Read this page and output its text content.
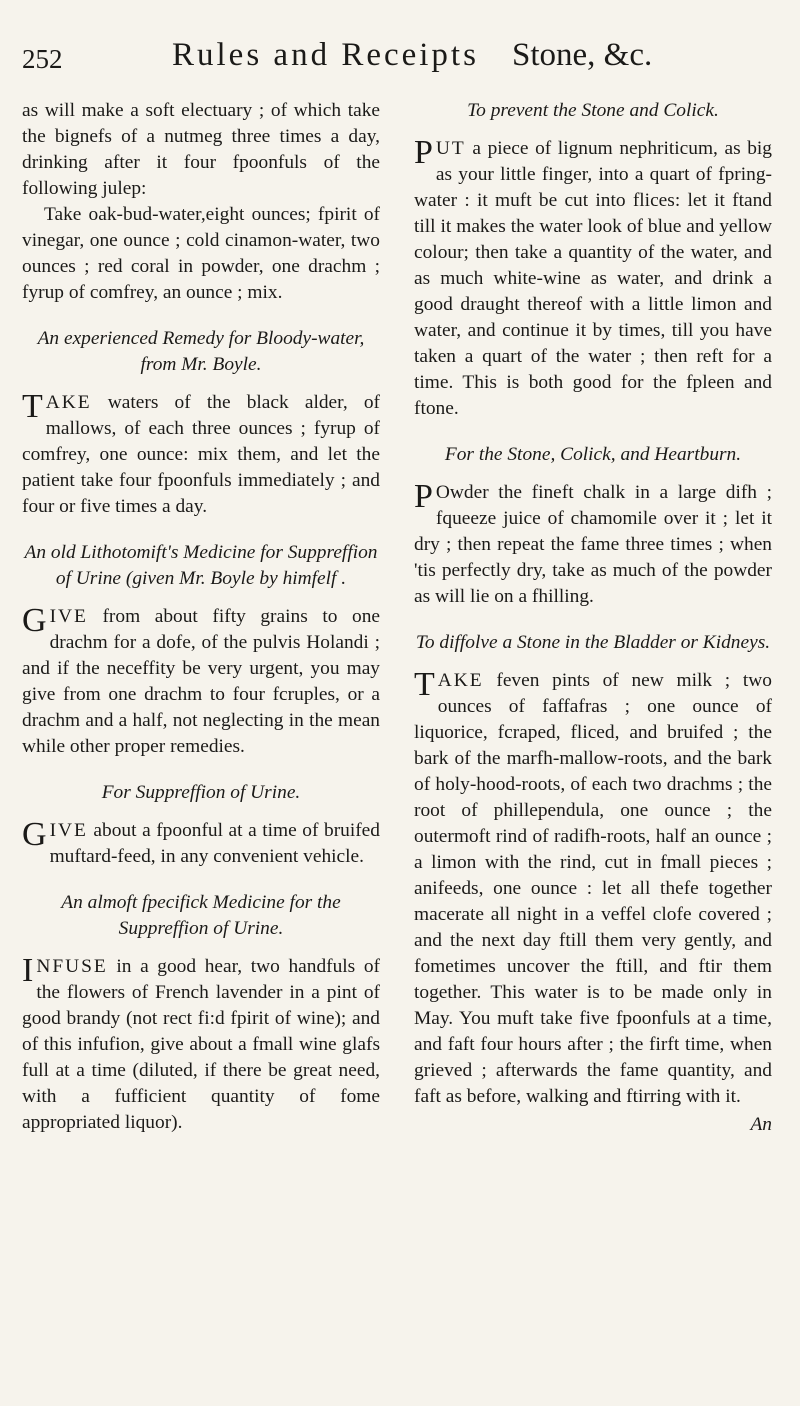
252	Rules and Receipts Stone, &c.

as will make a soft electuary ; of which take the bignefs of a nutmeg three times a day, drinking after it four fpoonfuls of the following julep:

Take oak-bud-water,eight ounces; fpirit of vinegar, one ounce ; cold cinamon-water, two ounces ; red coral in powder, one drachm ; fyrup of comfrey, an ounce ; mix.

An experienced Remedy for Bloody-water, from Mr. Boyle.

TAKE waters of the black alder, of mallows, of each three ounces ; fyrup of comfrey, one ounce: mix them, and let the patient take four fpoonfuls immediately ; and four or five times a day.

An old Lithotomift's Medicine for Suppreffion of Urine (given Mr. Boyle by himfelf .

GIVE from about fifty grains to one drachm for a dofe, of the pulvis Holandi ; and if the neceffity be very urgent, you may give from one drachm to four fcruples, or a drachm and a half, not neglecting in the mean while other proper remedies.

For Suppreffion of Urine.

GIVE about a fpoonful at a time of bruifed muftard-feed, in any convenient vehicle.

An almoft fpecifick Medicine for the Suppreffion of Urine.

INFUSE in a good hear, two handfuls of the flowers of French lavender in a pint of good brandy (not rect fi:d fpirit of wine); and of this infufion, give about a fmall wine glafs full at a time (diluted, if there be great need, with a fufficient quantity of fome appropriated liquor).

To prevent the Stone and Colick.

PUT a piece of lignum nephriticum, as big as your little finger, into a quart of fpring-water : it muft be cut into flices: let it ftand till it makes the water look of blue and yellow colour; then take a quantity of the water, and as much white-wine as water, and drink a good draught thereof with a little limon and water, and continue it by times, till you have taken a quart of the water ; then reft for a time. This is both good for the fpleen and ftone.

For the Stone, Colick, and Heartburn.

P Owder the fineft chalk in a large difh ; fqueeze juice of chamomile over it ; let it dry ; then repeat the fame three times ; when 'tis perfectly dry, take as much of the powder as will lie on a fhilling.

To diffolve a Stone in the Bladder or Kidneys.

TAKE feven pints of new milk ; two ounces of faffafras ; one ounce of liquorice, fcraped, fliced, and bruifed ; the bark of the marfh-mallow-roots, and the bark of holy-hood-roots, of each two drachms ; the root of phillependula, one ounce ; the outermoft rind of radifh-roots, half an ounce ; a limon with the rind, cut in fmall pieces ; anifeeds, one ounce : let all thefe together macerate all night in a veffel clofe covered ; and the next day ftill them very gently, and fometimes uncover the ftill, and ftir them together. This water is to be made only in May. You muft take five fpoonfuls at a time, and faft four hours after ; the firft time, when grieved ; afterwards the fame quantity, and faft as before, walking and ftirring with it.

An
